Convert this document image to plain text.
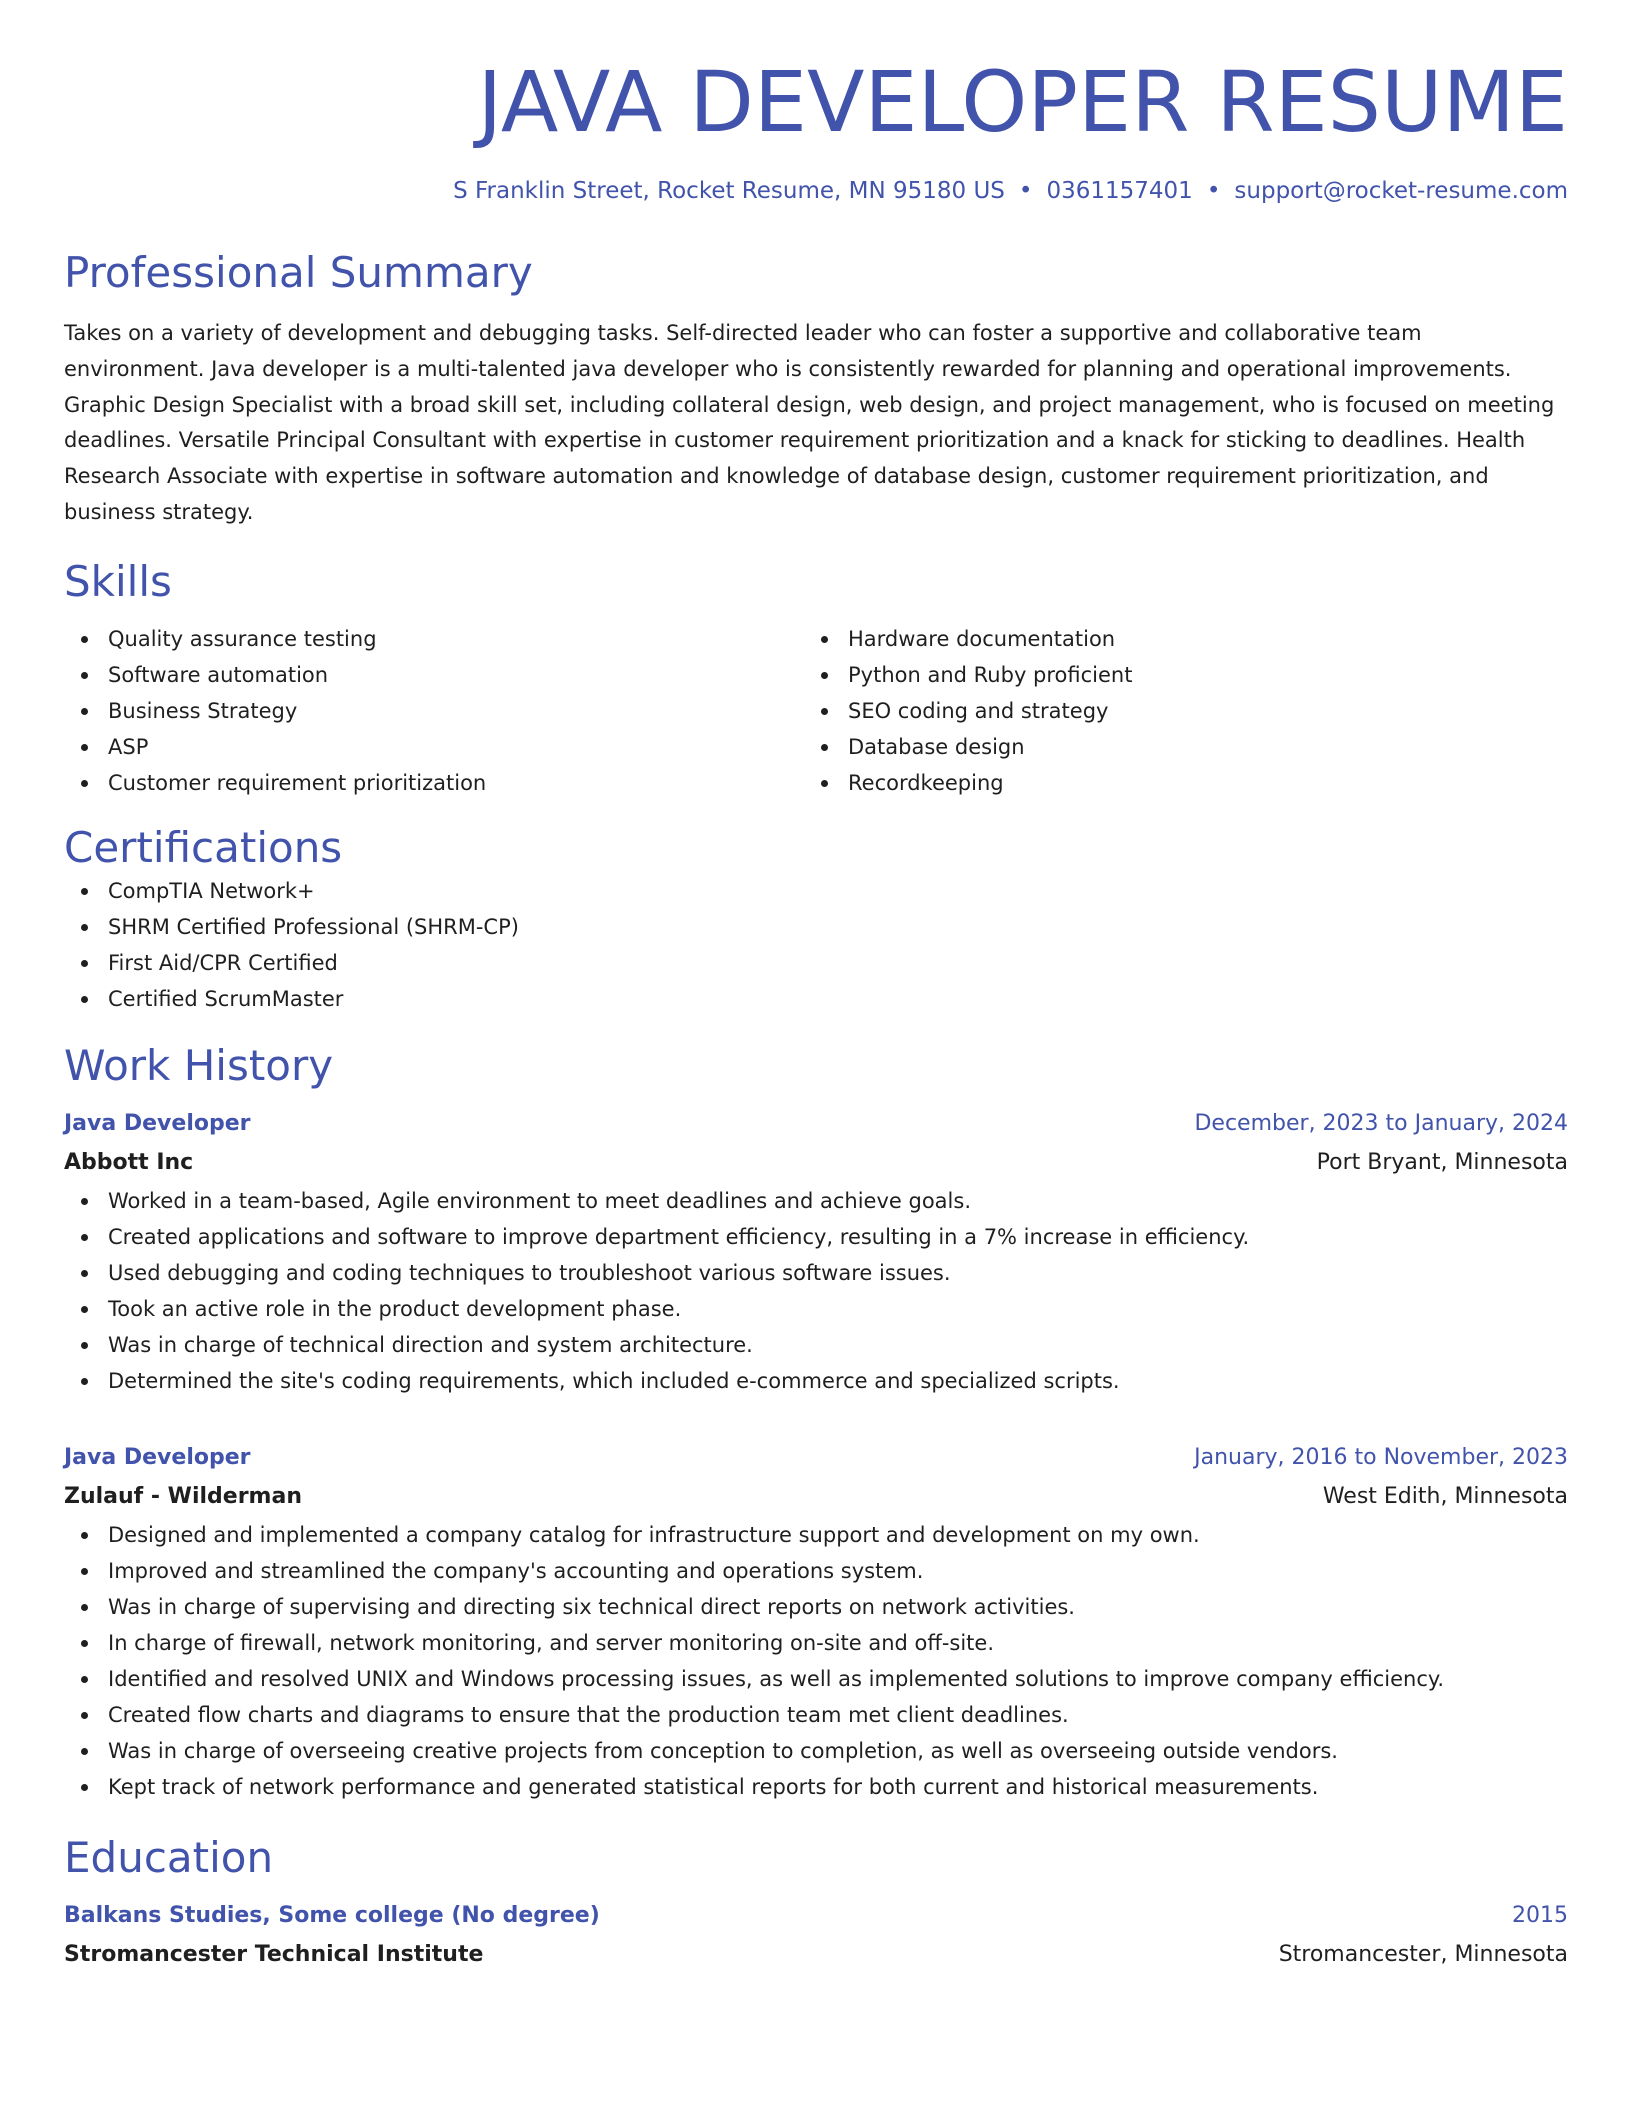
JAVA DEVELOPER RESUME
S Franklin Street, Rocket Resume, MN 95180 US • 0361157401 • support@rocket-resume.com
Professional Summary

Takes on a variety of development and debugging tasks. Self-directed leader who can foster a supportive and collaborative team environment. Java developer is a multi-talented java developer who is consistently rewarded for planning and operational improvements. Graphic Design Specialist with a broad skill set, including collateral design, web design, and project management, who is focused on meeting deadlines. Versatile Principal Consultant with expertise in customer requirement prioritization and a knack for sticking to deadlines. Health Research Associate with expertise in software automation and knowledge of database design, customer requirement prioritization, and business strategy.

Skills
Quality assurance testing
Software automation
Business Strategy
ASP
Customer requirement prioritization
Hardware documentation
Python and Ruby proficient
SEO coding and strategy
Database design
Recordkeeping
Certifications
CompTIA Network+
SHRM Certified Professional (SHRM-CP)
First Aid/CPR Certified
Certified ScrumMaster
Work History
Java Developer	December, 2023 to January, 2024
Abbott Inc	Port Bryant, Minnesota
Worked in a team-based, Agile environment to meet deadlines and achieve goals.
Created applications and software to improve department efficiency, resulting in a 7% increase in efficiency.
Used debugging and coding techniques to troubleshoot various software issues.
Took an active role in the product development phase.
Was in charge of technical direction and system architecture.
Determined the site's coding requirements, which included e-commerce and specialized scripts.
Java Developer	January, 2016 to November, 2023
Zulauf - Wilderman	West Edith, Minnesota
Designed and implemented a company catalog for infrastructure support and development on my own.
Improved and streamlined the company's accounting and operations system.
Was in charge of supervising and directing six technical direct reports on network activities.
In charge of firewall, network monitoring, and server monitoring on-site and off-site.
Identified and resolved UNIX and Windows processing issues, as well as implemented solutions to improve company efficiency.
Created flow charts and diagrams to ensure that the production team met client deadlines.
Was in charge of overseeing creative projects from conception to completion, as well as overseeing outside vendors.
Kept track of network performance and generated statistical reports for both current and historical measurements.
Education
Balkans Studies, Some college (No degree)	2015
Stromancester Technical Institute	Stromancester, Minnesota
